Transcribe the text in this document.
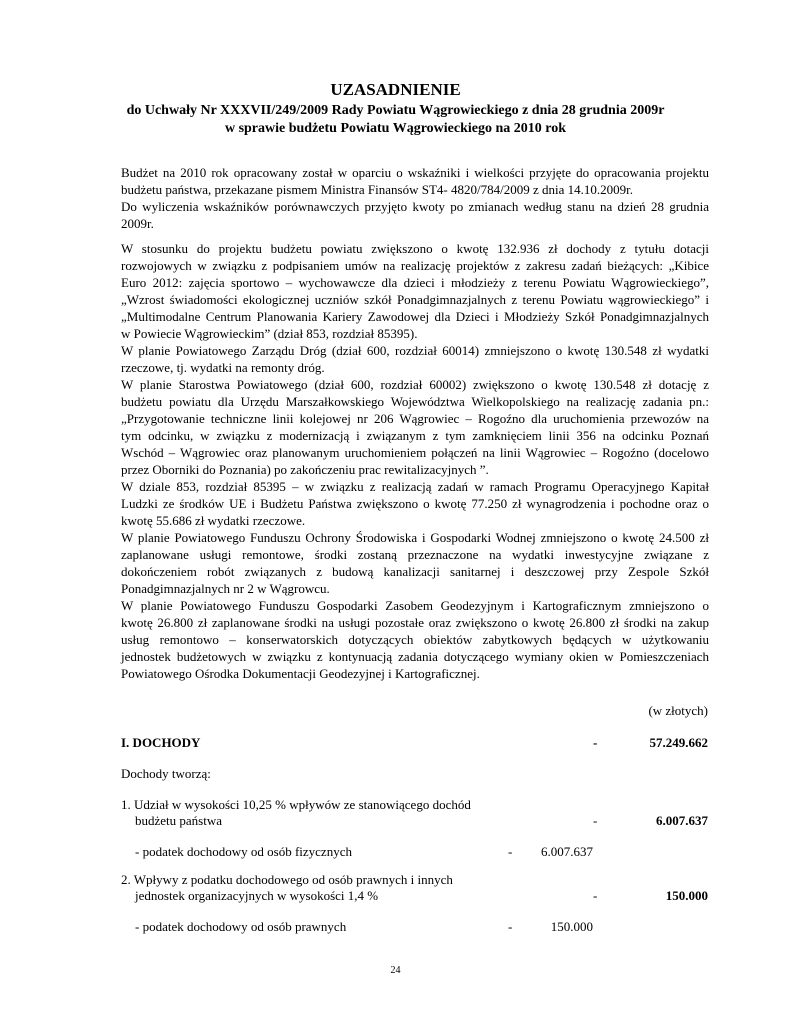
UZASADNIENIE
do Uchwały Nr XXXVII/249/2009 Rady Powiatu Wągrowieckiego z dnia 28 grudnia 2009r
w sprawie budżetu Powiatu Wągrowieckiego na 2010 rok
Budżet na 2010 rok opracowany został w oparciu o wskaźniki i wielkości przyjęte do opracowania projektu
budżetu państwa, przekazane pismem Ministra Finansów ST4- 4820/784/2009 z dnia 14.10.2009r.
Do wyliczenia wskaźników porównawczych przyjęto kwoty po zmianach według stanu na dzień 28 grudnia
2009r.
W stosunku do projektu budżetu powiatu zwiększono o kwotę 132.936 zł dochody z tytułu dotacji
rozwojowych w związku z podpisaniem umów na realizację projektów z zakresu zadań bieżących: „Kibice
Euro 2012: zajęcia sportowo – wychowawcze dla dzieci i młodzieży z terenu Powiatu Wągrowieckiego”,
„Wzrost świadomości ekologicznej uczniów szkół Ponadgimnazjalnych z terenu Powiatu wągrowieckiego” i
„Multimodalne Centrum Planowania Kariery Zawodowej dla Dzieci i Młodzieży Szkół Ponadgimnazjalnych
w Powiecie Wągrowieckim” (dział 853, rozdział 85395).
W planie Powiatowego Zarządu Dróg (dział 600, rozdział 60014) zmniejszono o kwotę 130.548 zł wydatki
rzeczowe, tj. wydatki na remonty dróg.
W planie Starostwa Powiatowego (dział 600, rozdział 60002) zwiększono o kwotę 130.548 zł dotację z
budżetu powiatu dla Urzędu Marszałkowskiego Województwa Wielkopolskiego na realizację zadania pn.:
„Przygotowanie techniczne linii kolejowej nr 206 Wągrowiec – Rogoźno dla uruchomienia przewozów na
tym odcinku, w związku z modernizacją i związanym z tym zamknięciem linii 356 na odcinku Poznań
Wschód – Wągrowiec oraz planowanym uruchomieniem połączeń na linii Wągrowiec – Rogoźno (docelowo
przez Oborniki do Poznania) po zakończeniu prac rewitalizacyjnych ”.
W dziale 853, rozdział 85395 – w związku z realizacją zadań w ramach Programu Operacyjnego Kapitał
Ludzki ze środków UE i Budżetu Państwa zwiększono o kwotę 77.250 zł wynagrodzenia i pochodne oraz o
kwotę 55.686 zł wydatki rzeczowe.
W planie Powiatowego Funduszu Ochrony Środowiska i Gospodarki Wodnej zmniejszono o kwotę 24.500 zł
zaplanowane usługi remontowe, środki zostaną przeznaczone na wydatki inwestycyjne związane z
dokończeniem robót związanych z budową kanalizacji sanitarnej i deszczowej przy Zespole Szkół
Ponadgimnazjalnych nr 2 w Wągrowcu.
W planie Powiatowego Funduszu Gospodarki Zasobem Geodezyjnym i Kartograficznym zmniejszono o
kwotę 26.800 zł zaplanowane środki na usługi pozostałe oraz zwiększono o kwotę 26.800 zł środki na zakup
usług remontowo – konserwatorskich dotyczących obiektów zabytkowych będących w użytkowaniu
jednostek budżetowych w związku z kontynuacją zadania dotyczącego wymiany okien w Pomieszczeniach
Powiatowego Ośrodka Dokumentacji Geodezyjnej i Kartograficznej.
(w złotych)
I. DOCHODY	-	57.249.662
Dochody tworzą:
1. Udział w wysokości 10,25 % wpływów ze stanowiącego dochód
budżetu państwa	-	6.007.637
- podatek dochodowy od osób fizycznych	- 6.007.637
2. Wpływy z podatku dochodowego od osób prawnych i innych
jednostek organizacyjnych w wysokości 1,4 %	-	150.000
- podatek dochodowy od osób prawnych	-	150.000
24
